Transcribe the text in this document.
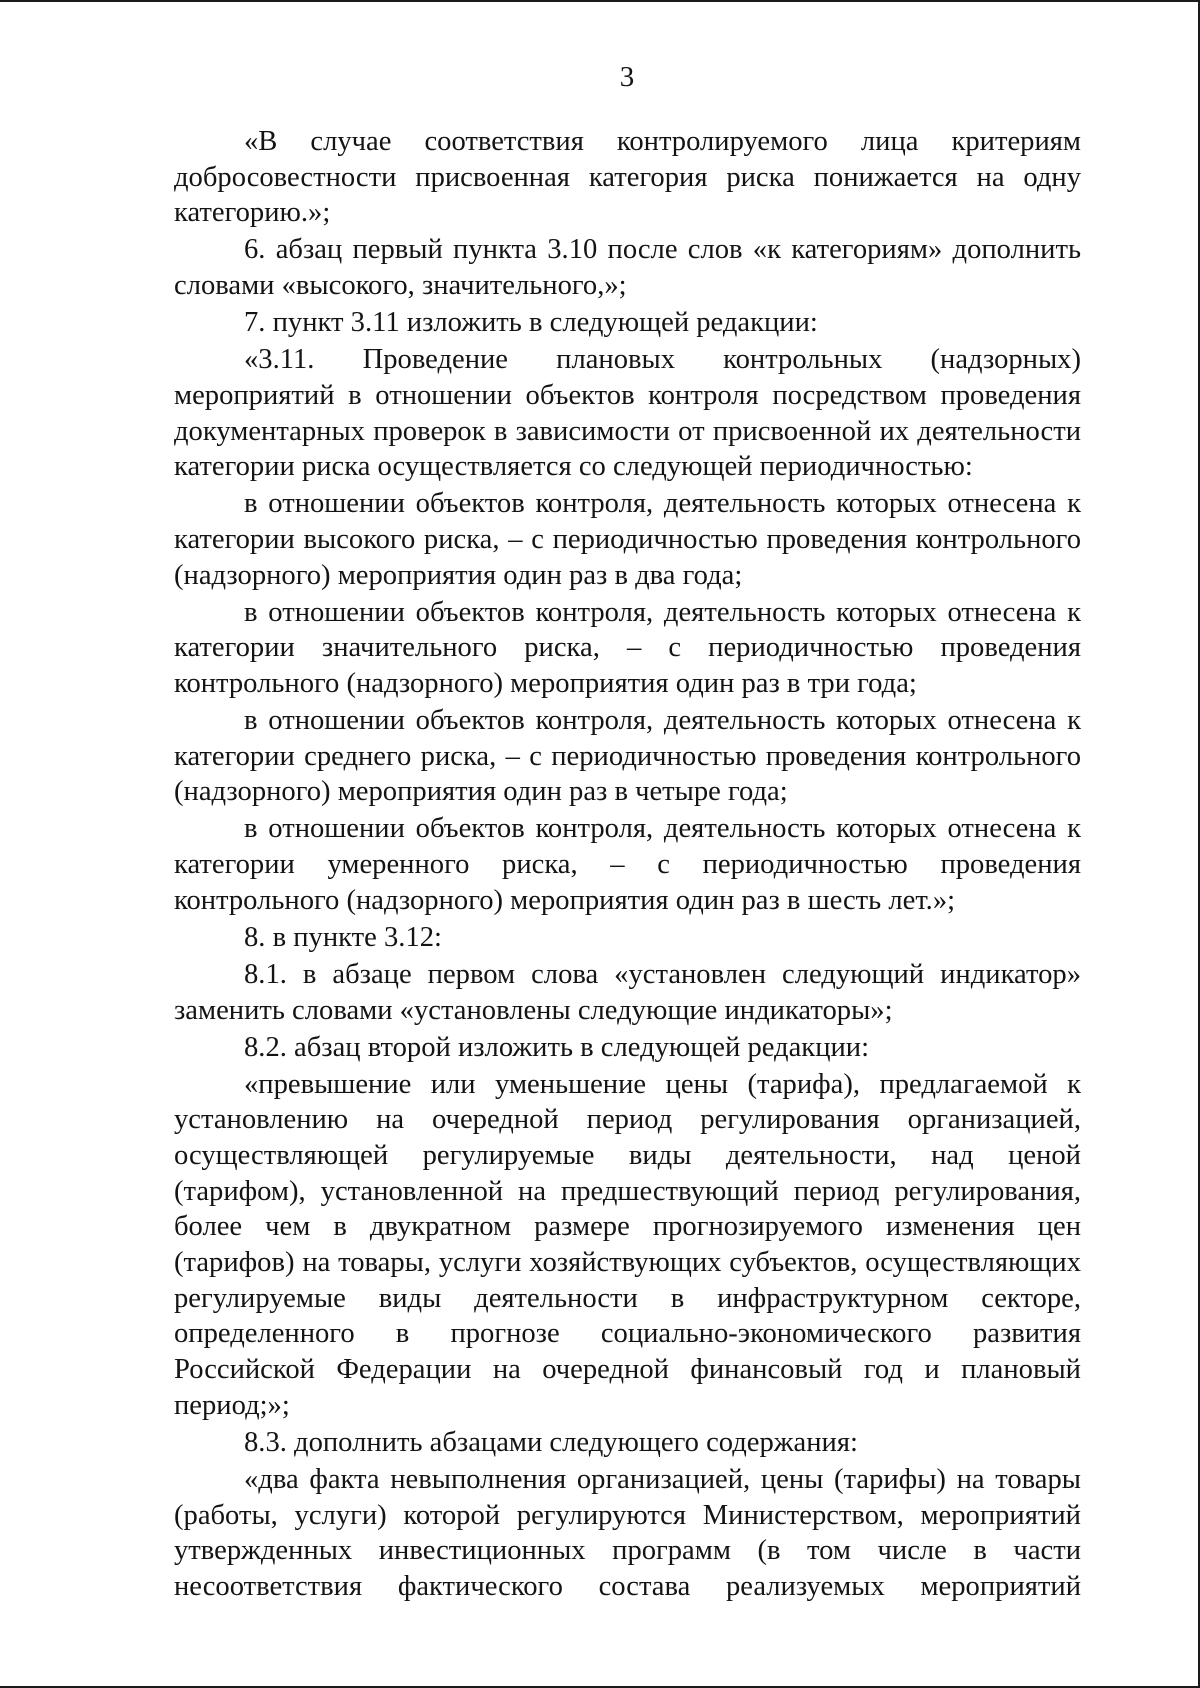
3

«В случае соответствия контролируемого лица критериям добросовестности присвоенная категория риска понижается на одну категорию.»;

6. абзац первый пункта 3.10 после слов «к категориям» дополнить словами «высокого, значительного,»;

7. пункт 3.11 изложить в следующей редакции:

«3.11. Проведение плановых контрольных (надзорных) мероприятий в отношении объектов контроля посредством проведения документарных проверок в зависимости от присвоенной их деятельности категории риска осуществляется со следующей периодичностью:

в отношении объектов контроля, деятельность которых отнесена к категории высокого риска, – с периодичностью проведения контрольного (надзорного) мероприятия один раз в два года;

в отношении объектов контроля, деятельность которых отнесена к категории значительного риска, – с периодичностью проведения контрольного (надзорного) мероприятия один раз в три года;

в отношении объектов контроля, деятельность которых отнесена к категории среднего риска, – с периодичностью проведения контрольного (надзорного) мероприятия один раз в четыре года;

в отношении объектов контроля, деятельность которых отнесена к категории умеренного риска, – с периодичностью проведения контрольного (надзорного) мероприятия один раз в шесть лет.»;

8. в пункте 3.12:

8.1. в абзаце первом слова «установлен следующий индикатор» заменить словами «установлены следующие индикаторы»;

8.2. абзац второй изложить в следующей редакции:

«превышение или уменьшение цены (тарифа), предлагаемой к установлению на очередной период регулирования организацией, осуществляющей регулируемые виды деятельности, над ценой (тарифом), установленной на предшествующий период регулирования, более чем в двукратном размере прогнозируемого изменения цен (тарифов) на товары, услуги хозяйствующих субъектов, осуществляющих регулируемые виды деятельности в инфраструктурном секторе, определенного в прогнозе социально-экономического развития Российской Федерации на очередной финансовый год и плановый период;»;

8.3. дополнить абзацами следующего содержания:

«два факта невыполнения организацией, цены (тарифы) на товары (работы, услуги) которой регулируются Министерством, мероприятий утвержденных инвестиционных программ (в том числе в части несоответствия фактического состава реализуемых мероприятий
